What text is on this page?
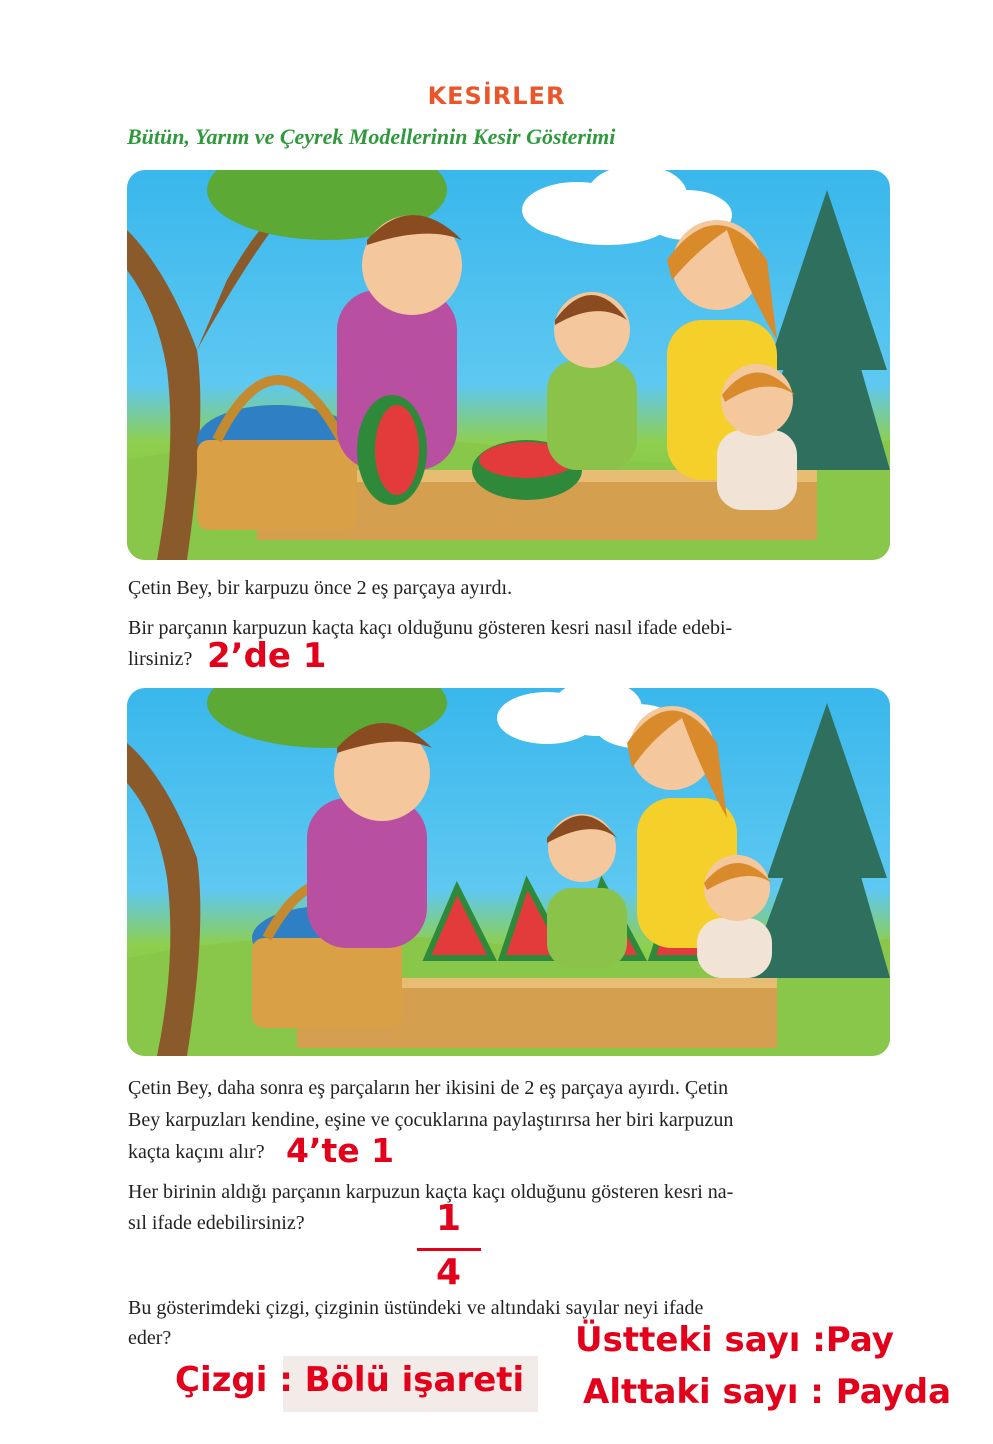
KESİRLER
Bütün, Yarım ve Çeyrek Modellerinin Kesir Gösterimi
Çetin Bey, bir karpuzu önce 2 eş parçaya ayırdı.
Bir parçanın karpuzun kaçta kaçı olduğunu gösteren kesri nasıl ifade edebi-
lirsiniz? 2’de 1
Çetin Bey, daha sonra eş parçaların her ikisini de 2 eş parçaya ayırdı. Çetin
Bey karpuzları kendine, eşine ve çocuklarına paylaştırırsa her biri karpuzun
kaçta kaçını alır? 4’te 1
Her birinin aldığı parçanın karpuzun kaçta kaçı olduğunu gösteren kesri na-
sıl ifade edebilirsiniz?	1
4
Bu gösterimdeki çizgi, çizginin üstündeki ve altındaki sayılar neyi ifade
eder?
Çizgi : Bölü işareti
Üstteki sayı :Pay
Alttaki sayı : Payda
